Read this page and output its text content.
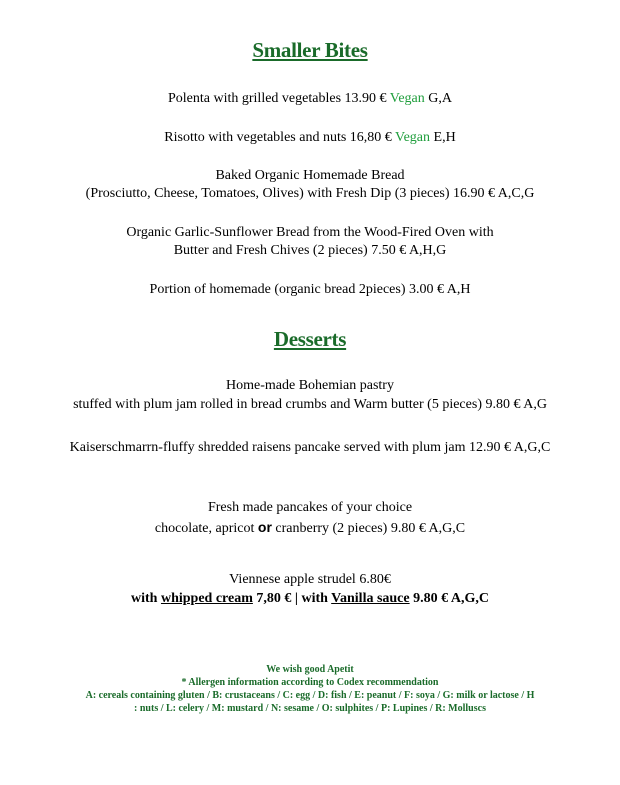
Smaller Bites
Polenta with grilled vegetables 13.90 € Vegan G,A
Risotto with vegetables and nuts 16,80 € Vegan E,H
Baked Organic Homemade Bread
(Prosciutto, Cheese, Tomatoes, Olives) with Fresh Dip (3 pieces) 16.90 € A,C,G
Organic Garlic-Sunflower Bread from the Wood-Fired Oven with
Butter and Fresh Chives (2 pieces) 7.50 € A,H,G
Portion of homemade (organic bread 2pieces) 3.00 € A,H
Desserts
Home-made Bohemian pastry
stuffed with plum jam rolled in bread crumbs and Warm butter (5 pieces) 9.80 € A,G
Kaiserschmarrn-fluffy shredded raisens pancake served with plum jam 12.90 € A,G,C
Fresh made pancakes of your choice
chocolate, apricot or cranberry (2 pieces) 9.80 € A,G,C
Viennese apple strudel 6.80€
with whipped cream 7,80 € | with Vanilla sauce 9.80 € A,G,C
We wish good Apetit
* Allergen information according to Codex recommendation
A: cereals containing gluten / B: crustaceans / C: egg / D: fish / E: peanut / F: soya / G: milk or lactose / H
: nuts / L: celery / M: mustard / N: sesame / O: sulphites / P: Lupines / R: Molluscs
